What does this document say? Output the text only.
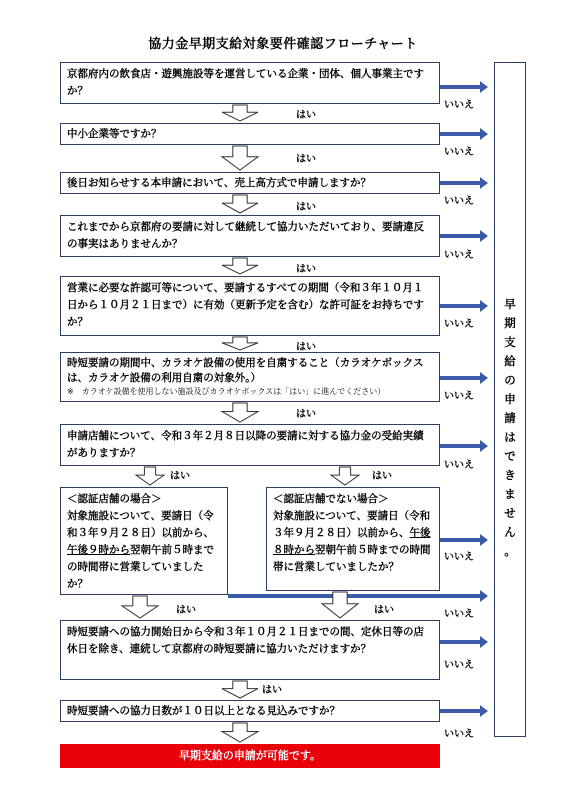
協力金早期支給対象要件確認フローチャート
京都府内の飲食店・遊興施設等を運営している企業・団体、個人事業主ですか？
中小企業等ですか？
後日お知らせする本申請において、売上高方式で申請しますか？
これまでから京都府の要請に対して継続して協力いただいており、要請違反の事実はありませんか？
営業に必要な許認可等について、要請するすべての期間（令和３年１０月１日から１０月２１日まで）に有効（更新予定を含む）な許可証をお持ちですか？
時短要請の期間中、カラオケ設備の使用を自粛すること（カラオケボックスは、カラオケ設備の利用自粛の対象外。）
※　カラオケ設備を使用しない施設及びカラオケボックスは「はい」に進んでください）
申請店舗について、令和３年２月８日以降の要請に対する協力金の受給実績がありますか？
＜認証店舗の場合＞
対象施設について、要請日（令和３年９月２８日）以前から、午後９時から翌朝午前５時までの時間帯に営業していましたか？
＜認証店舗でない場合＞
対象施設について、要請日（令和３年９月２８日）以前から、午後８時から翌朝午前５時までの時間帯に営業していましたか？
時短要請への協力開始日から令和３年１０月２１日までの間、定休日等の店休日を除き、連続して京都府の時短要請に協力いただけますか？
時短要請への協力日数が１０日以上となる見込みですか？
早
期
支
給
の
申
請
は
で
き
ま
せ
ん
。
早期支給の申請が可能です。
いいえ
いいえ
いいえ
いいえ
いいえ
いいえ
いいえ
いいえ
いいえ
いいえ
いいえ
はい
はい
はい
はい
はい
はい
はい	はい
はい	はい
はい
